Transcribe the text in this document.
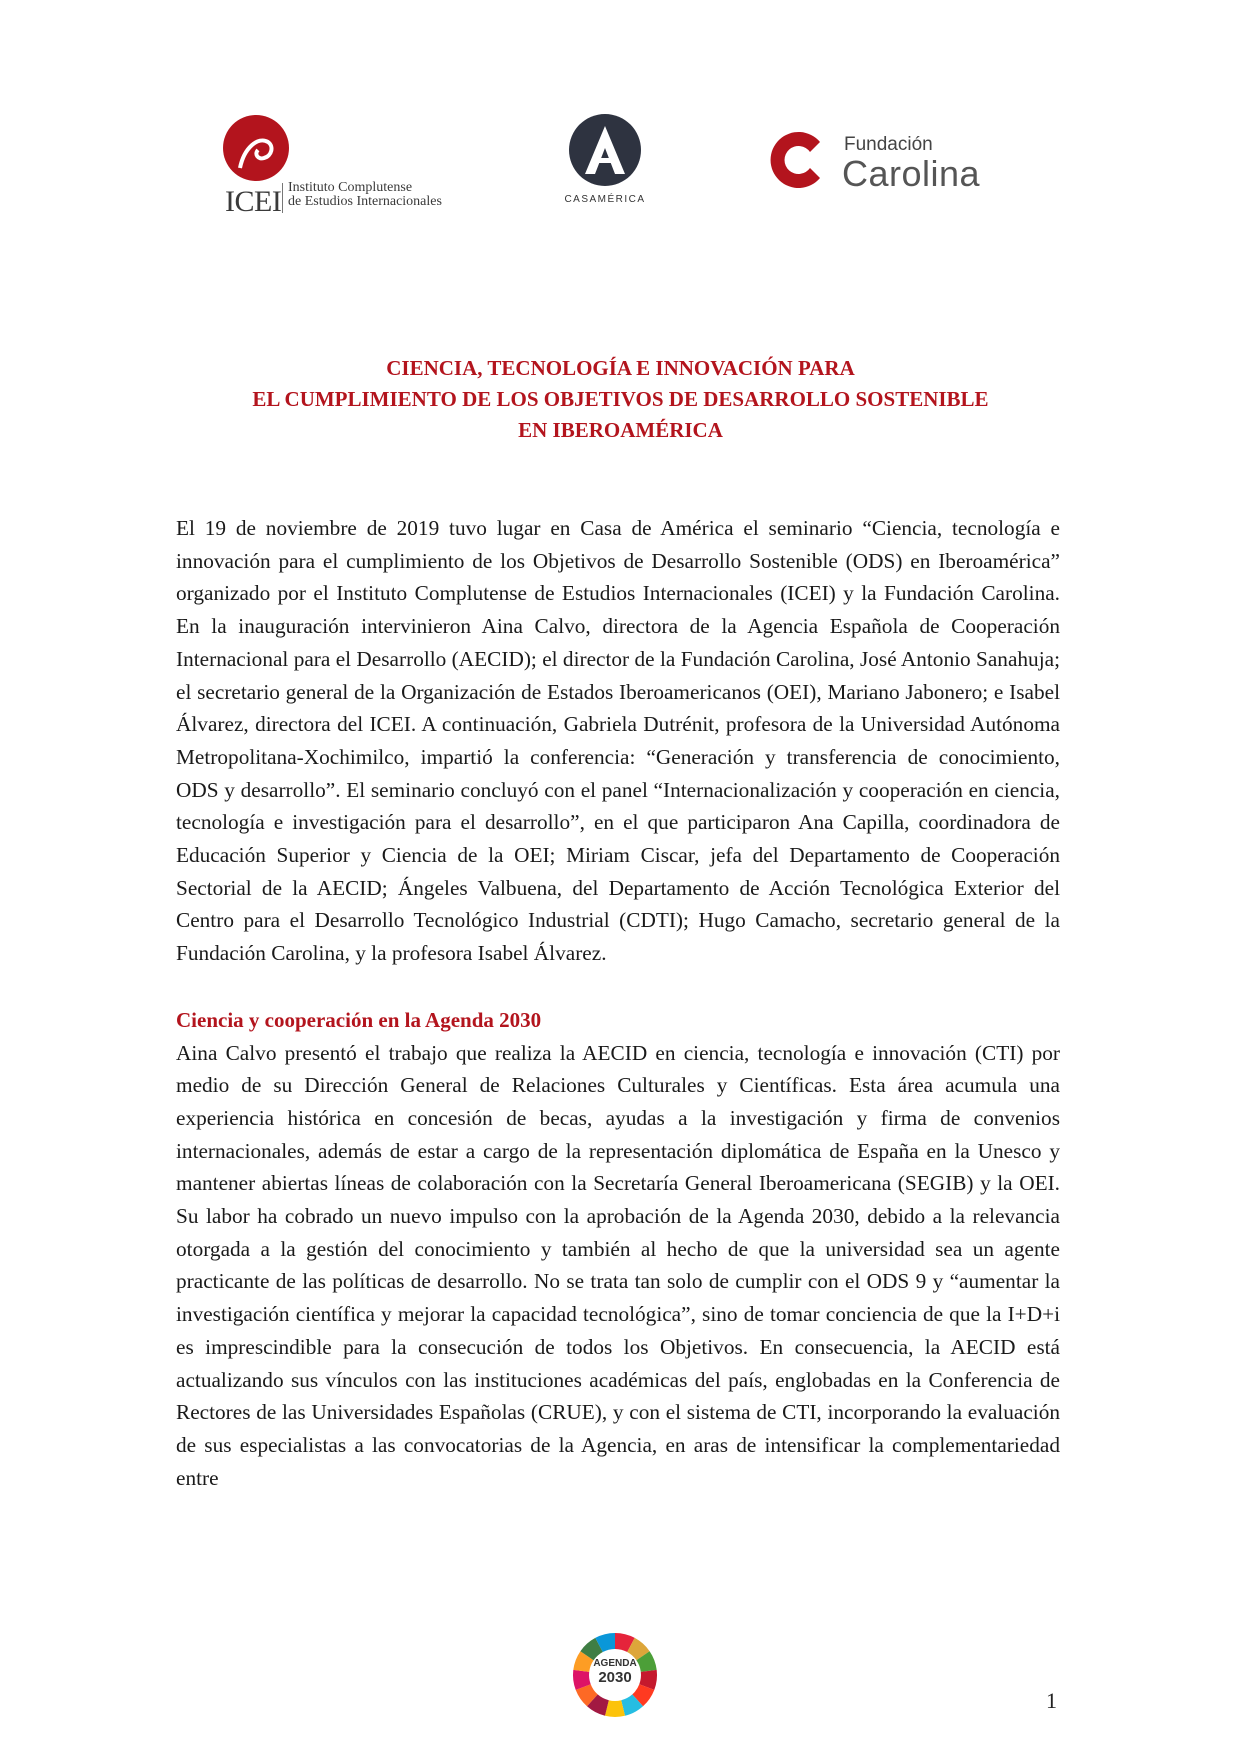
ICEI Instituto Complutense
de Estudios Internacionales	CASAMÉRICA
Fundación
Carolina
CIENCIA, TECNOLOGÍA E INNOVACIÓN PARA
EL CUMPLIMIENTO DE LOS OBJETIVOS DE DESARROLLO SOSTENIBLE
EN IBEROAMÉRICA

El 19 de noviembre de 2019 tuvo lugar en Casa de América el seminario “Ciencia, tecnología e innovación para el cumplimiento de los Objetivos de Desarrollo Sostenible (ODS) en Iberoamérica” organizado por el Instituto Complutense de Estudios Internacionales (ICEI) y la Fundación Carolina. En la inauguración intervinieron Aina Calvo, directora de la Agencia Española de Cooperación Internacional para el Desarrollo (AECID); el director de la Fundación Carolina, José Antonio Sanahuja; el secretario general de la Organización de Estados Iberoamericanos (OEI), Mariano Jabonero; e Isabel Álvarez, directora del ICEI. A continuación, Gabriela Dutrénit, profesora de la Universidad Autónoma Metropolitana-Xochimilco, impartió la conferencia: “Generación y transferencia de conocimiento, ODS y desarrollo”. El seminario concluyó con el panel “Internacionalización y cooperación en ciencia, tecnología e investigación para el desarrollo”, en el que participaron Ana Capilla, coordinadora de Educación Superior y Ciencia de la OEI; Miriam Ciscar, jefa del Departamento de Cooperación Sectorial de la AECID; Ángeles Valbuena, del Departamento de Acción Tecnológica Exterior del Centro para el Desarrollo Tecnológico Industrial (CDTI); Hugo Camacho, secretario general de la Fundación Carolina, y la profesora Isabel Álvarez.

Ciencia y cooperación en la Agenda 2030

Aina Calvo presentó el trabajo que realiza la AECID en ciencia, tecnología e innovación (CTI) por medio de su Dirección General de Relaciones Culturales y Científicas. Esta área acumula una experiencia histórica en concesión de becas, ayudas a la investigación y firma de convenios internacionales, además de estar a cargo de la representación diplomática de España en la Unesco y mantener abiertas líneas de colaboración con la Secretaría General Iberoamericana (SEGIB) y la OEI. Su labor ha cobrado un nuevo impulso con la aprobación de la Agenda 2030, debido a la relevancia otorgada a la gestión del conocimiento y también al hecho de que la universidad sea un agente practicante de las políticas de desarrollo. No se trata tan solo de cumplir con el ODS 9 y “aumentar la investigación científica y mejorar la capacidad tecnológica”, sino de tomar conciencia de que la I+D+i es imprescindible para la consecución de todos los Objetivos. En consecuencia, la AECID está actualizando sus vínculos con las instituciones académicas del país, englobadas en la Conferencia de Rectores de las Universidades Españolas (CRUE), y con el sistema de CTI, incorporando la evaluación de sus especialistas a las convocatorias de la Agencia, en aras de intensificar la complementariedad entre

AGENDA
2030
1
